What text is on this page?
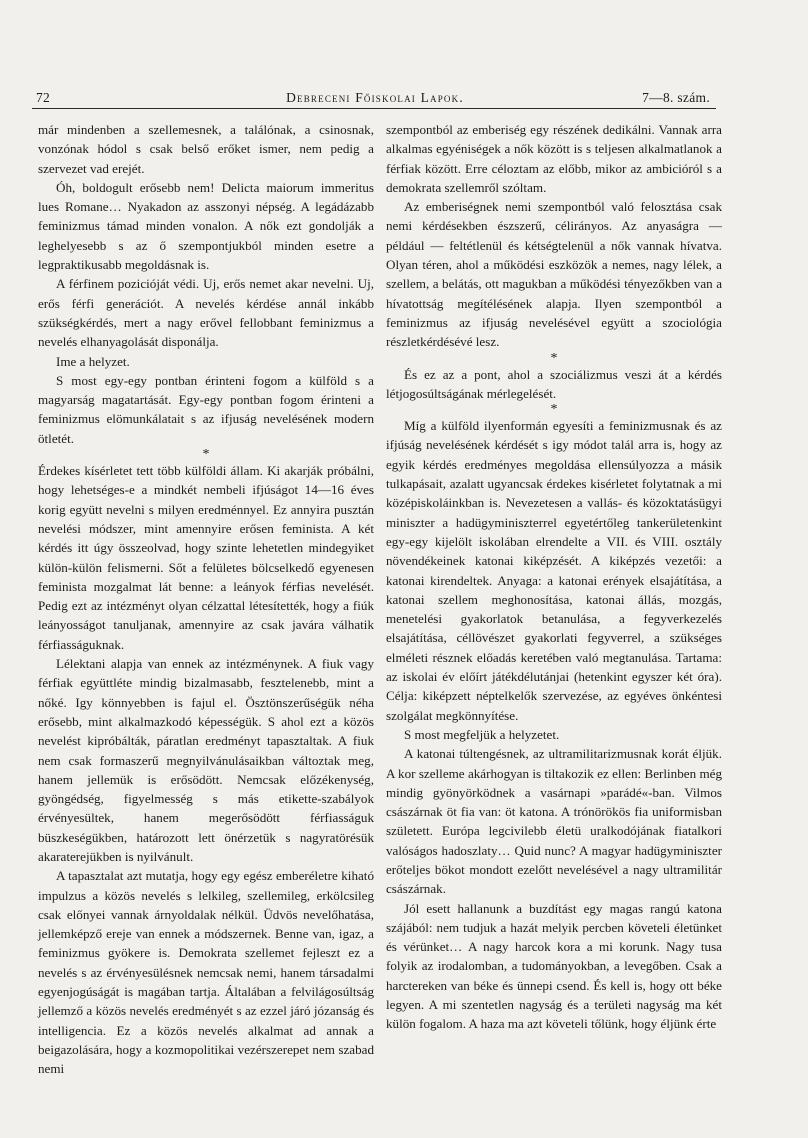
72	Debreceni Főiskolai Lapok.	7—8. szám.

már mindenben a szellemesnek, a találónak, a csinosnak, vonzónak hódol s csak belső erőket ismer, nem pedig a szervezet vad erejét.

Óh, boldogult erősebb nem! Delicta maiorum immeritus lues Romane… Nyakadon az asszonyi népség. A legádázabb feminizmus támad minden vonalon. A nők ezt gondolják a leghelyesebb s az ő szempontjukból minden esetre a legpraktikusabb megoldásnak is.

A férfinem pozicióját védi. Uj, erős nemet akar nevelni. Uj, erős férfi generációt. A nevelés kérdése annál inkább szükségkérdés, mert a nagy erővel fellobbant feminizmus a nevelés elhanyagolását disponálja.

Ime a helyzet.

S most egy-egy pontban érinteni fogom a külföld s a magyarság magatartását. Egy-egy pontban fogom érinteni a feminizmus elömunkálatait s az ifjuság nevelésének modern ötletét.

*

Érdekes kísérletet tett több külföldi állam. Ki akarják próbálni, hogy lehetséges-e a mindkét nembeli ifjúságot 14—16 éves korig együtt nevelni s milyen eredménnyel. Ez annyira pusztán nevelési módszer, mint amennyire erősen feminista. A két kérdés itt úgy összeolvad, hogy szinte lehetetlen mindegyiket külön-külön felismerni. Sőt a felületes bölcselkedő egyenesen feminista mozgalmat lát benne: a leányok férfias nevelését. Pedig ezt az intézményt olyan célzattal létesítették, hogy a fiúk leányosságot tanuljanak, amennyire az csak javára válhatik férfiasságuknak.

Lélektani alapja van ennek az intézménynek. A fiuk vagy férfiak együttléte mindig bizalmasabb, fesztelenebb, mint a nőké. Igy könnyebben is fajul el. Ösztönszerűségük néha erősebb, mint alkalmazkodó képességük. S ahol ezt a közös nevelést kipróbálták, páratlan eredményt tapasztaltak. A fiuk nem csak formaszerű megnyilvánulásaikban változtak meg, hanem jellemük is erősödött. Nemcsak előzékenység, gyöngédség, figyelmesség s más etikette-szabályok érvényesültek, hanem megerősödött férfiasságuk büszkeségükben, határozott lett önérzetük s nagyratörésük akaraterejükben is nyilvánult.

A tapasztalat azt mutatja, hogy egy egész emberéletre kiható impulzus a közös nevelés s lelkileg, szellemileg, erkölcsileg csak előnyei vannak árnyoldalak nélkül. Üdvös nevelőhatása, jellemképző ereje van ennek a módszernek. Benne van, igaz, a feminizmus gyökere is. Demokrata szellemet fejleszt ez a nevelés s az érvényesülésnek nemcsak nemi, hanem társadalmi egyenjogúságát is magában tartja. Általában a felvilágosúltság jellemző a közös nevelés eredményét s az ezzel járó józanság és intelligencia. Ez a közös nevelés alkalmat ad annak a beigazolására, hogy a kozmopolitikai vezérszerepet nem szabad nemi

szempontból az emberiség egy részének dedikálni. Vannak arra alkalmas egyéniségek a nők között is s teljesen alkalmatlanok a férfiak között. Erre céloztam az előbb, mikor az ambicióról s a demokrata szellemről szóltam.

Az emberiségnek nemi szempontból való felosztása csak nemi kérdésekben észszerű, célirányos. Az anyaságra — például — feltétlenül és kétségtelenül a nők vannak hívatva. Olyan téren, ahol a működési eszközök a nemes, nagy lélek, a szellem, a belátás, ott magukban a működési tényezőkben van a hívatottság megítélésének alapja. Ilyen szempontból a feminizmus az ifjuság nevelésével együtt a szociológia részletkérdésévé lesz.

*

És ez az a pont, ahol a szociálizmus veszi át a kérdés létjogosúltságának mérlegelését.

*

Míg a külföld ilyenformán egyesíti a feminizmusnak és az ifjúság nevelésének kérdését s igy módot talál arra is, hogy az egyik kérdés eredményes megoldása ellensúlyozza a másik tulkapásait, azalatt ugyancsak érdekes kisérletet folytatnak a mi középiskoláinkban is. Nevezetesen a vallás- és közoktatásügyi miniszter a hadügyminiszterrel egyetértőleg tankerületenkint egy-egy kijelölt iskolában elrendelte a VII. és VIII. osztály növendékeinek katonai kiképzését. A kiképzés vezetői: a katonai kirendeltek. Anyaga: a katonai erények elsajátítása, a katonai szellem meghonosítása, katonai állás, mozgás, menetelési gyakorlatok betanulása, a fegyverkezelés elsajátítása, céllövészet gyakorlati fegyverrel, a szükséges elméleti résznek előadás keretében való megtanulása. Tartama: az iskolai év előírt játékdélutánjai (hetenkint egyszer két óra). Célja: kiképzett néptelkelők szervezése, az egyéves önkéntesi szolgálat megkönnyítése.

S most megfeljük a helyzetet.

A katonai túltengésnek, az ultramilitarizmusnak korát éljük. A kor szelleme akárhogyan is tiltakozik ez ellen: Berlinben még mindig gyönyörködnek a vasárnapi »parádé«-ban. Vilmos császárnak öt fia van: öt katona. A trónörökös fia uniformisban született. Európa legcivilebb életü uralkodójának fiatalkori valóságos hadoszlaty… Quid nunc? A magyar hadügyminiszter erőteljes bökot mondott ezelőtt nevelésével a nagy ultramilitár császárnak.

Jól esett hallanunk a buzdítást egy magas rangú katona szájából: nem tudjuk a hazát melyik percben követeli életünket és vérünket… A nagy harcok kora a mi korunk. Nagy tusa folyik az irodalomban, a tudományokban, a levegőben. Csak a harctereken van béke és ünnepi csend. És kell is, hogy ott béke legyen. A mi szentetlen nagyság és a területi nagyság ma két külön fogalom. A haza ma azt követeli tőlünk, hogy éljünk érte
